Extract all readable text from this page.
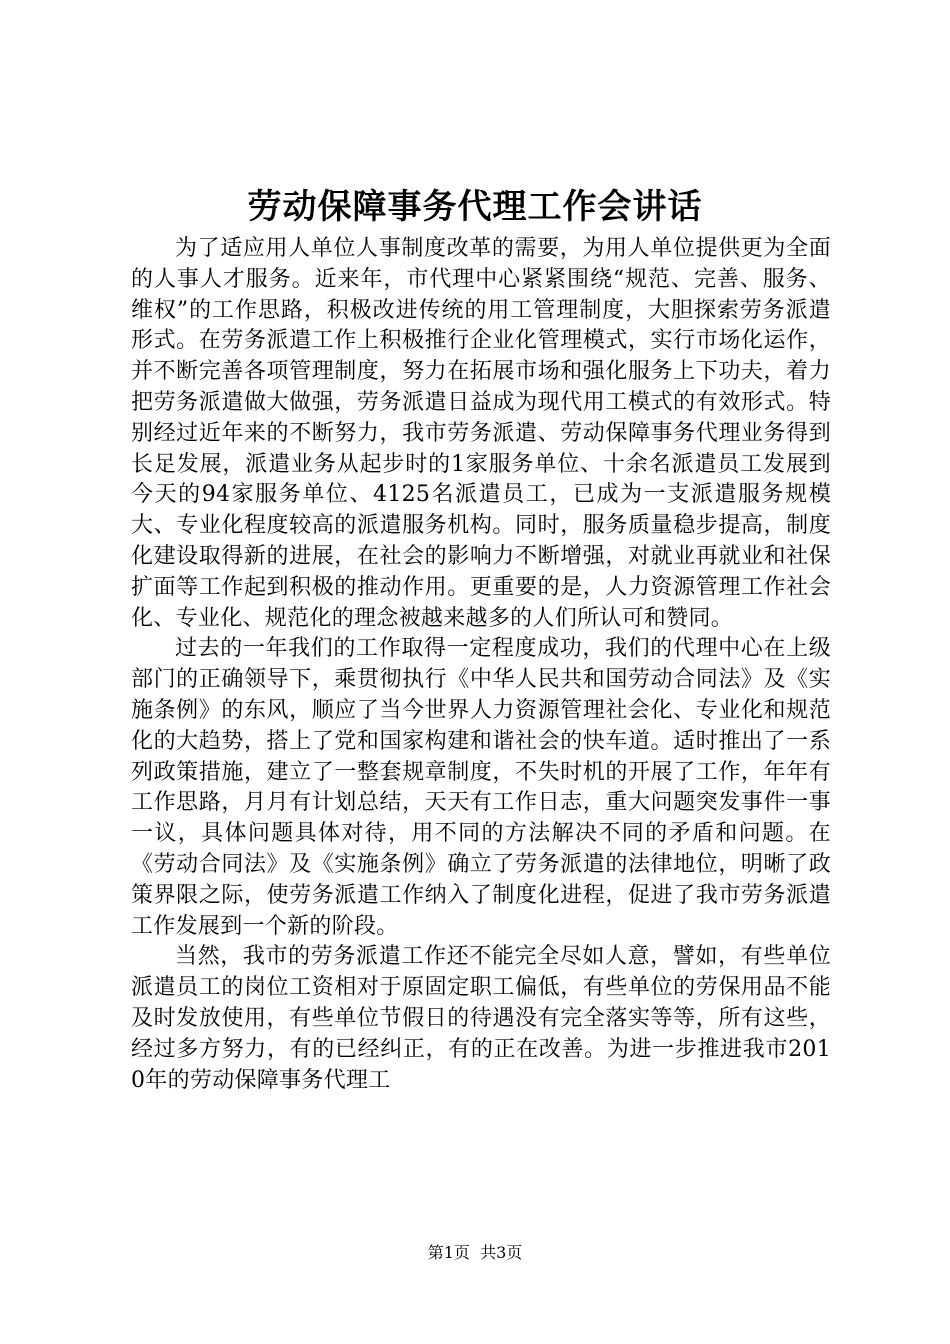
劳动保障事务代理工作会讲话

为了适应用人单位人事制度改革的需要，为用人单位提供更为全面的人事人才服务。近来年，市代理中心紧紧围绕“规范、完善、服务、维权”的工作思路，积极改进传统的用工管理制度，大胆探索劳务派遣形式。在劳务派遣工作上积极推行企业化管理模式，实行市场化运作，并不断完善各项管理制度，努力在拓展市场和强化服务上下功夫，着力把劳务派遣做大做强，劳务派遣日益成为现代用工模式的有效形式。特别经过近年来的不断努力，我市劳务派遣、劳动保障事务代理业务得到长足发展，派遣业务从起步时的1家服务单位、十余名派遣员工发展到今天的94家服务单位、4125名派遣员工，已成为一支派遣服务规模大、专业化程度较高的派遣服务机构。同时，服务质量稳步提高，制度化建设取得新的进展，在社会的影响力不断增强，对就业再就业和社保扩面等工作起到积极的推动作用。更重要的是，人力资源管理工作社会化、专业化、规范化的理念被越来越多的人们所认可和赞同。

过去的一年我们的工作取得一定程度成功，我们的代理中心在上级部门的正确领导下，乘贯彻执行《中华人民共和国劳动合同法》及《实施条例》的东风，顺应了当今世界人力资源管理社会化、专业化和规范化的大趋势，搭上了党和国家构建和谐社会的快车道。适时推出了一系列政策措施，建立了一整套规章制度，不失时机的开展了工作，年年有工作思路，月月有计划总结，天天有工作日志，重大问题突发事件一事一议，具体问题具体对待，用不同的方法解决不同的矛盾和问题。在《劳动合同法》及《实施条例》确立了劳务派遣的法律地位，明晰了政策界限之际，使劳务派遣工作纳入了制度化进程，促进了我市劳务派遣工作发展到一个新的阶段。

当然，我市的劳务派遣工作还不能完全尽如人意，譬如，有些单位派遣员工的岗位工资相对于原固定职工偏低，有些单位的劳保用品不能及时发放使用，有些单位节假日的待遇没有完全落实等等，所有这些，经过多方努力，有的已经纠正，有的正在改善。为进一步推进我市2010年的劳动保障事务代理工

第1页 共3页
